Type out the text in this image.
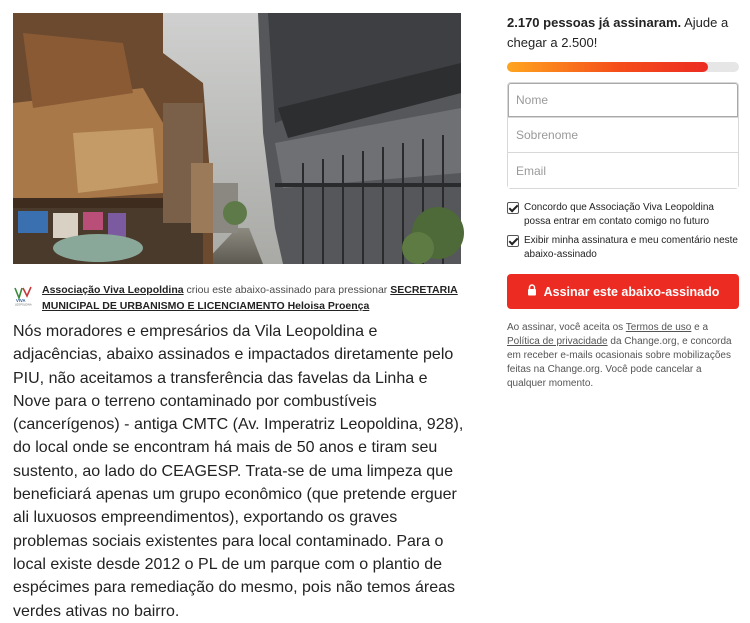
VIVA
LEOPOLDINA
Associação Viva Leopoldina criou este abaixo-assinado para pressionar SECRETARIA MUNICIPAL DE URBANISMO E LICENCIAMENTO Heloisa Proença
Nós moradores e empresários da Vila Leopoldina e adjacências, abaixo assinados e impactados diretamente pelo PIU, não aceitamos a transferência das favelas da Linha e Nove para o terreno contaminado por combustíveis (cancerígenos) - antiga CMTC (Av. Imperatriz Leopoldina, 928), do local onde se encontram há mais de 50 anos e tiram seu sustento, ao lado do CEAGESP. Trata-se de uma limpeza que beneficiará apenas um grupo econômico (que pretende erguer ali luxuosos empreendimentos), exportando os graves problemas sociais existentes para local contaminado. Para o local existe desde 2012 o PL de um parque com o plantio de espécimes para remediação do mesmo, pois não temos áreas verdes ativas no bairro.
2.170 pessoas já assinaram. Ajude a chegar a 2.500!
Nome
Sobrenome
Email
Concordo que Associação Viva Leopoldina possa entrar em contato comigo no futuro
Exibir minha assinatura e meu comentário neste abaixo-assinado
Assinar este abaixo-assinado

Ao assinar, você aceita os Termos de uso e a Política de privacidade da Change.org, e concorda em receber e-mails ocasionais sobre mobilizações feitas na Change.org. Você pode cancelar a qualquer momento.
